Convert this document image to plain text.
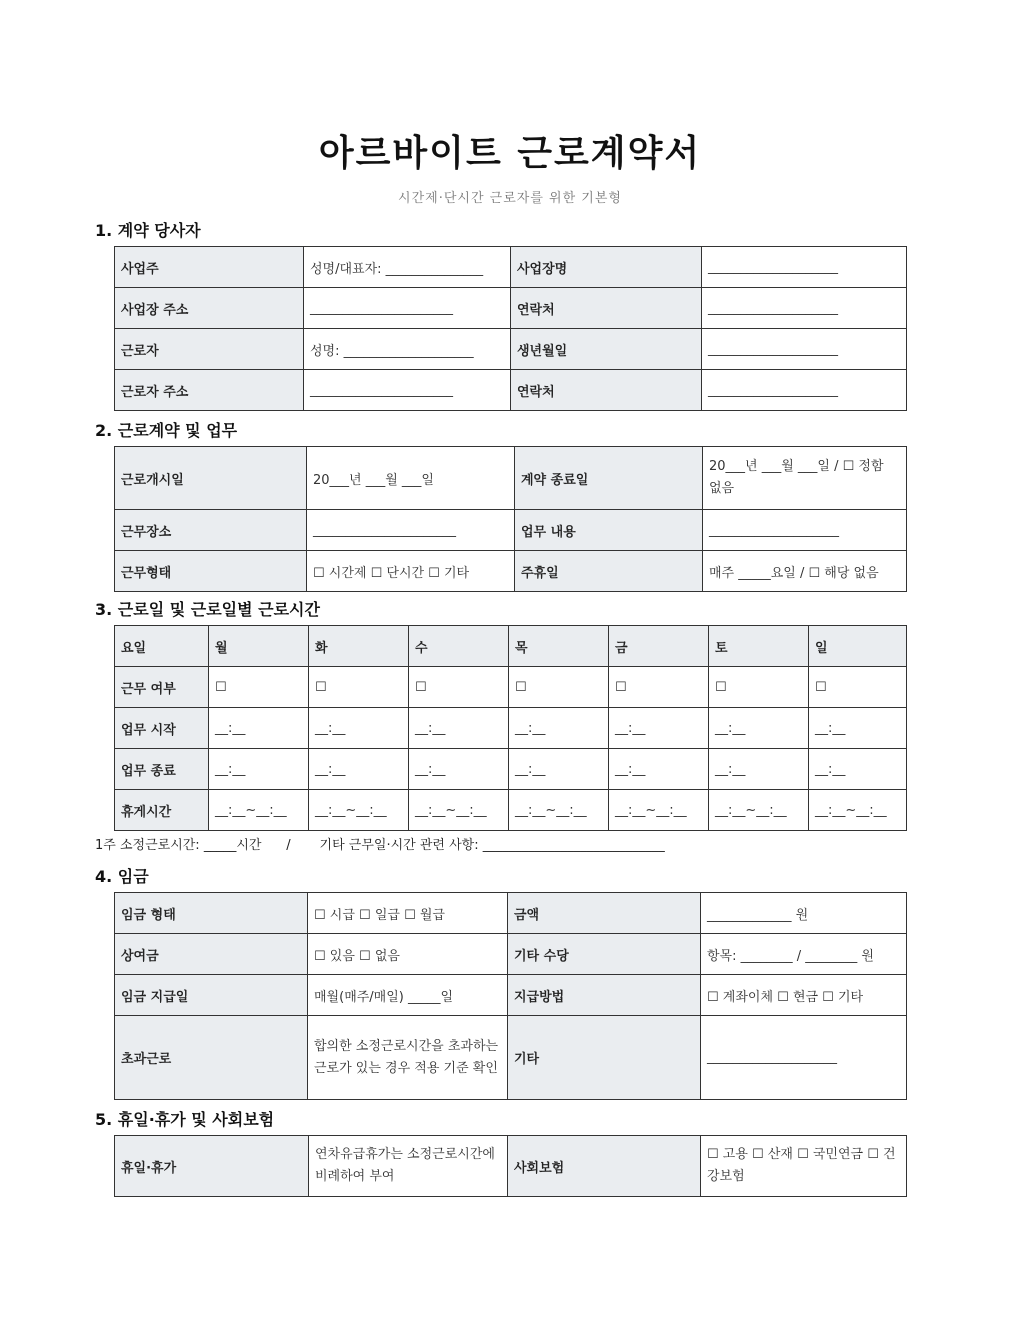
아르바이트 근로계약서
시간제·단시간 근로자를 위한 기본형
1. 계약 당사자
사업주	성명/대표자: _______________	사업장명	____________________
사업장 주소	______________________	연락처	____________________
근로자	성명: ____________________	생년월일	____________________
근로자 주소	______________________	연락처	____________________
2. 근로계약 및 업무
근로개시일	20___년 ___월 ___일	계약 종료일	20___년 ___월 ___일 / ☐ 정함 없음
근무장소	______________________	업무 내용	____________________
근무형태	☐ 시간제 ☐ 단시간 ☐ 기타	주휴일	매주 _____요일 / ☐ 해당 없음
3. 근로일 및 근로일별 근로시간
요일	월	화	수	목	금	토	일
근무 여부	☐	☐	☐	☐	☐	☐	☐
업무 시작	__:__	__:__	__:__	__:__	__:__	__:__	__:__
업무 종료	__:__	__:__	__:__	__:__	__:__	__:__	__:__
휴게시간	__:__~__:__	__:__~__:__	__:__~__:__	__:__~__:__	__:__~__:__	__:__~__:__	__:__~__:__
1주 소정근로시간: _____시간      /       기타 근무일·시간 관련 사항: ____________________________
4. 임금
임금 형태	☐ 시급 ☐ 일급 ☐ 월급	금액	_____________ 원
상여금	☐ 있음 ☐ 없음	기타 수당	항목: ________ / ________ 원
임금 지급일	매월(매주/매일) _____일	지급방법	☐ 계좌이체 ☐ 현금 ☐ 기타
초과근로	합의한 소정근로시간을 초과하는 근로가 있는 경우 적용 기준 확인	기타	____________________
5. 휴일·휴가 및 사회보험
휴일·휴가	연차유급휴가는 소정근로시간에 비례하여 부여	사회보험	☐ 고용 ☐ 산재 ☐ 국민연금 ☐ 건강보험
